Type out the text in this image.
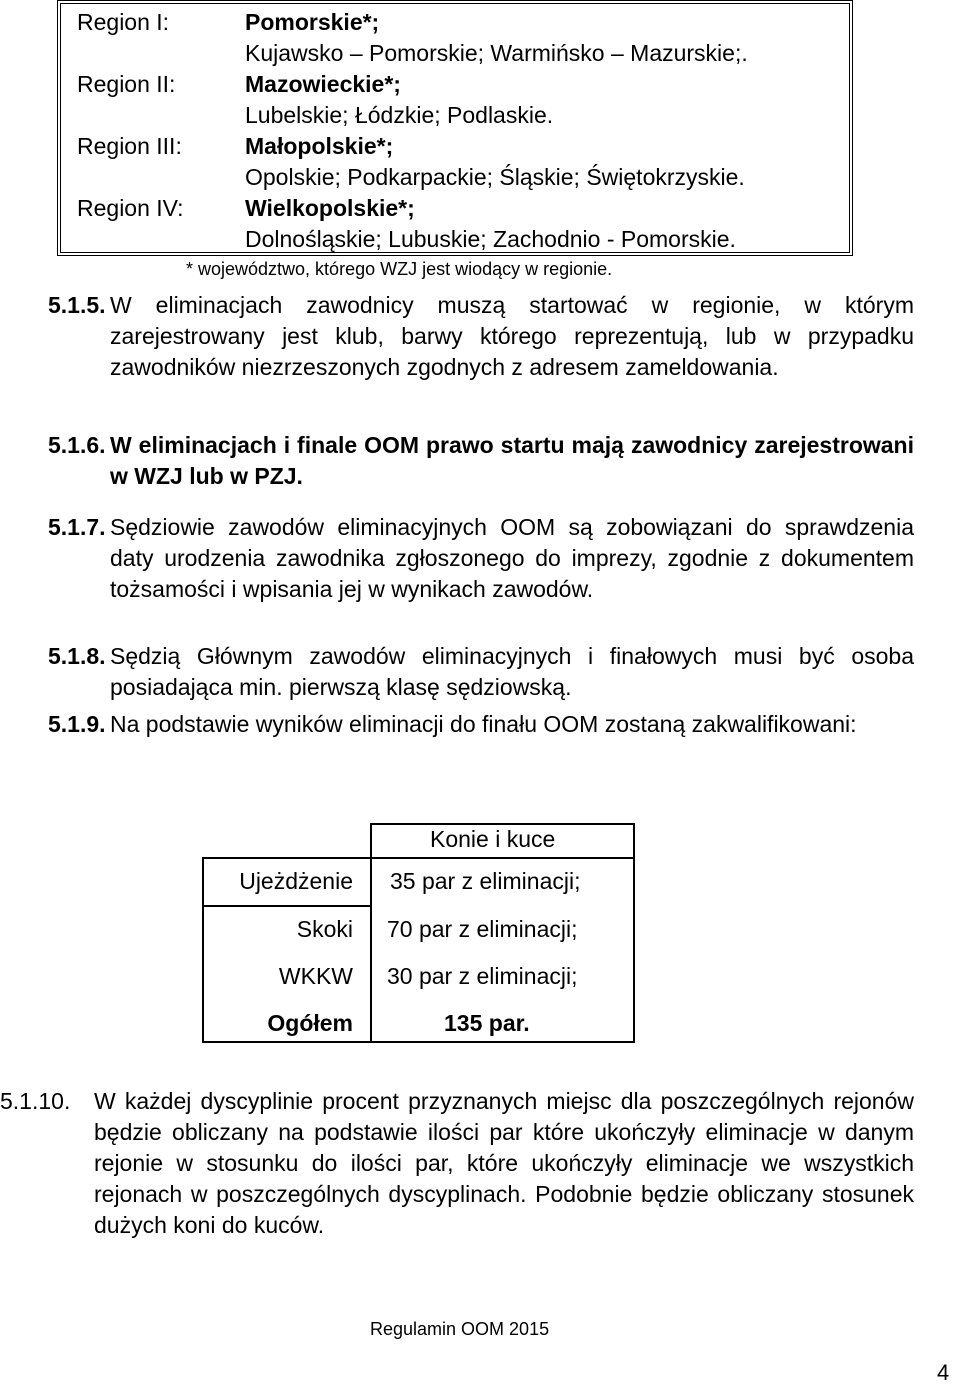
Region I:	Pomorskie*;
Kujawsko – Pomorskie; Warmińsko – Mazurskie;.
Region II:	Mazowieckie*;
Lubelskie; Łódzkie; Podlaskie.
Region III:	Małopolskie*;
Opolskie; Podkarpackie; Śląskie; Świętokrzyskie.
Region IV:	Wielkopolskie*;
Dolnośląskie; Lubuskie; Zachodnio - Pomorskie.
* województwo, którego WZJ jest wiodący w regionie.
5.1.5. W eliminacjach zawodnicy muszą startować w regionie, w którym zarejestrowany jest klub, barwy którego reprezentują, lub w przypadku zawodników niezrzeszonych zgodnych z adresem zameldowania.
5.1.6. W eliminacjach i finale OOM prawo startu mają zawodnicy zarejestrowani w WZJ lub w PZJ.
5.1.7. Sędziowie zawodów eliminacyjnych OOM są zobowiązani do sprawdzenia daty urodzenia zawodnika zgłoszonego do imprezy, zgodnie z dokumentem tożsamości i wpisania jej w wynikach zawodów.
5.1.8. Sędzią Głównym zawodów eliminacyjnych i finałowych musi być osoba posiadająca min. pierwszą klasę sędziowską.
5.1.9. Na podstawie wyników eliminacji do finału OOM zostaną zakwalifikowani:
Konie i kuce
Ujeżdżenie 35 par z eliminacji;
Skoki 70 par z eliminacji;
WKKW 30 par z eliminacji;
Ogółem	135 par.
5.1.10. W każdej dyscyplinie procent przyznanych miejsc dla poszczególnych rejonów będzie obliczany na podstawie ilości par które ukończyły eliminacje w danym rejonie w stosunku do ilości par, które ukończyły eliminacje we wszystkich rejonach w poszczególnych dyscyplinach. Podobnie będzie obliczany stosunek dużych koni do kuców.
Regulamin OOM 2015
4
